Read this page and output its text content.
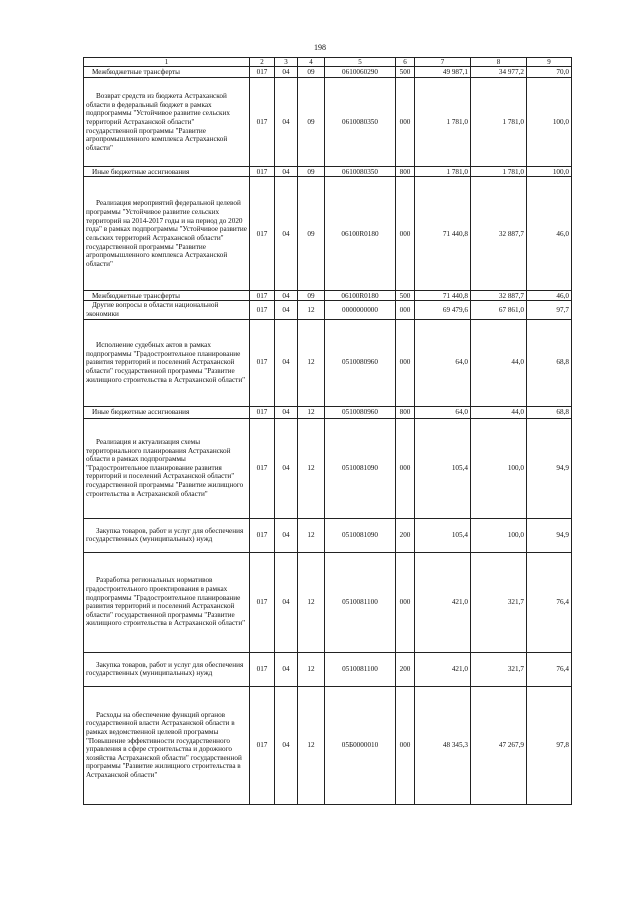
198
1	2	3	4	5	6	7	8	9

Межбюджетные трансферты	017	04	09	0610060290	500	49 987,1	34 977,2	70,0

Возврат средств из бюджета Астраханской области в федеральный бюджет в рамках подпрограммы "Устойчивое развитие сельских территорий Астраханской области" государственной программы "Развитие агропромышленного комплекса Астраханской области"	017	04	09	0610080350	000	1 781,0	1 781,0	100,0

Иные бюджетные ассигнования	017	04	09	0610080350	800	1 781,0	1 781,0	100,0

Реализация мероприятий федеральной целевой программы "Устойчивое развитие сельских территорий на 2014-2017 годы и на период до 2020 года" в рамках подпрограммы "Устойчивое развитие сельских территорий Астраханской области" государственной программы "Развитие агропромышленного комплекса Астраханской области"	017	04	09	06100R0180	000	71 440,8	32 887,7	46,0

Межбюджетные трансферты	017	04	09	06100R0180	500	71 440,8	32 887,7	46,0

Другие вопросы в области национальной экономики	017	04	12	0000000000	000	69 479,6	67 861,0	97,7

Исполнение судебных актов в рамках подпрограммы "Градостроительное планирование развития территорий и поселений Астраханской области" государственной программы "Развитие жилищного строительства в Астраханской области"	017	04	12	0510080960	000	64,0	44,0	68,8

Иные бюджетные ассигнования	017	04	12	0510080960	800	64,0	44,0	68,8

Реализация и актуализация схемы территориального планирования Астраханской области в рамках подпрограммы "Градостроительное планирование развития территорий и поселений Астраханской области" государственной программы "Развитие жилищного строительства в Астраханской области"	017	04	12	0510081090	000	105,4	100,0	94,9

Закупка товаров, работ и услуг для обеспечения государственных (муниципальных) нужд	017	04	12	0510081090	200	105,4	100,0	94,9

Разработка региональных нормативов градостроительного проектирования в рамках подпрограммы "Градостроительное планирование развития территорий и поселений Астраханской области" государственной программы "Развитие жилищного строительства в Астраханской области"	017	04	12	0510081100	000	421,0	321,7	76,4

Закупка товаров, работ и услуг для обеспечения государственных (муниципальных) нужд	017	04	12	0510081100	200	421,0	321,7	76,4

Расходы на обеспечение функций органов государственной власти Астраханской области в рамках ведомственной целевой программы "Повышение эффективности государственного управления в сфере строительства и дорожного хозяйства Астраханской области" государственной программы "Развитие жилищного строительства в Астраханской области"	017	04	12	05Б0000010	000	48 345,3	47 267,9	97,8
